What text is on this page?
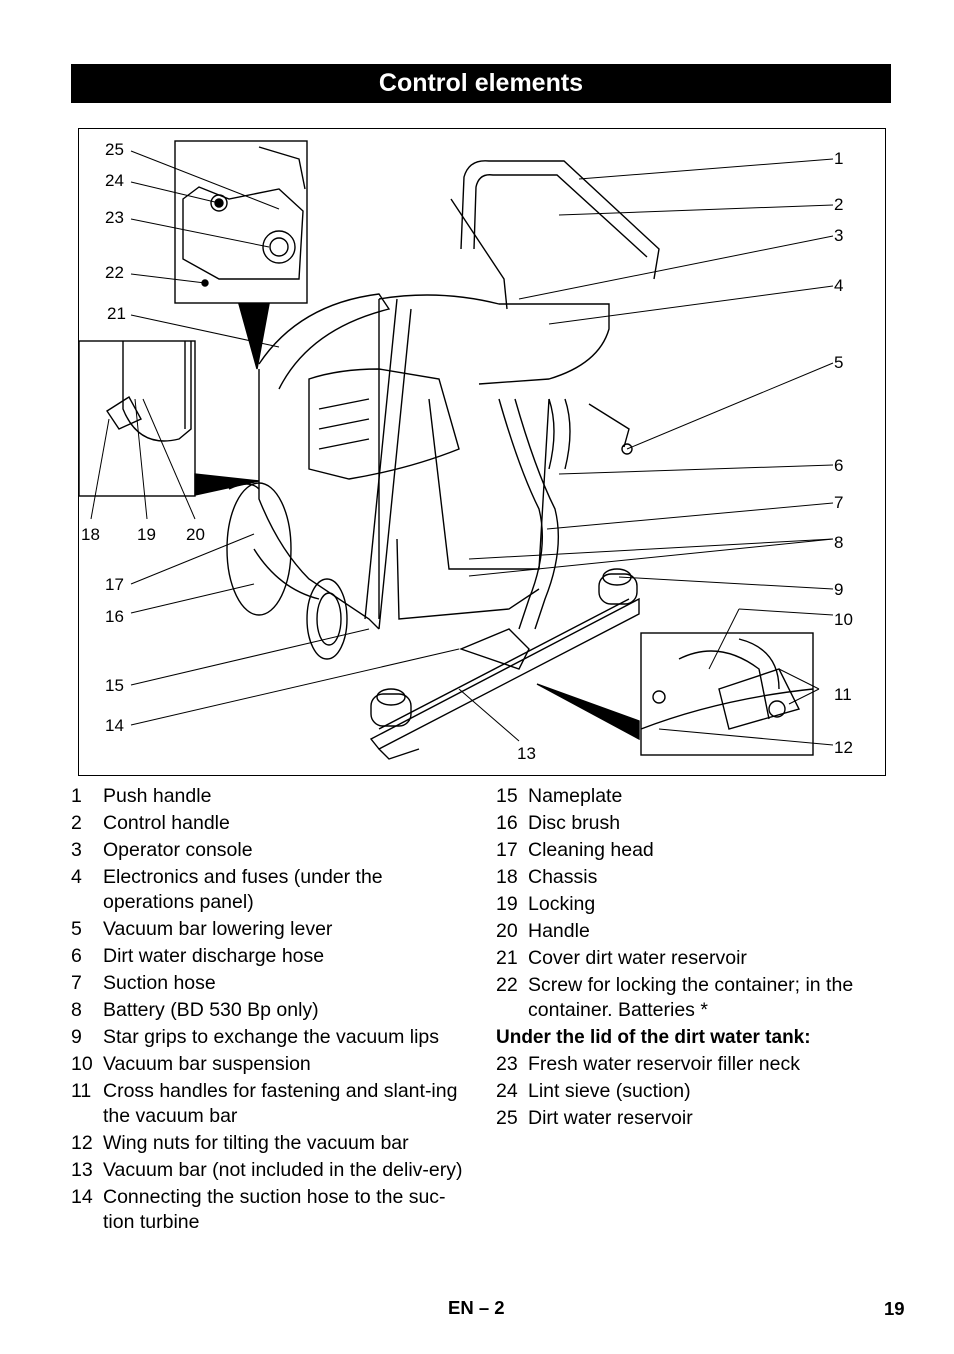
Control elements
25
24
23
22
21
1
2
3
4
5
6
7
8
9
10
11
12
13
14
15
16
17
18 19 20
1	Push handle
2	Control handle
3	Operator console
4	Electronics and fuses (under the operations panel)
5	Vacuum bar lowering lever
6	Dirt water discharge hose
7	Suction hose
8	Battery (BD 530 Bp only)
9	Star grips to exchange the vacuum lips
10 Vacuum bar suspension
11 Cross handles for fastening and slant-ing the vacuum bar
12 Wing nuts for tilting the vacuum bar
13 Vacuum bar (not included in the deliv-ery)
14 Connecting the suction hose to the suc-tion turbine
15 Nameplate
16 Disc brush
17 Cleaning head
18 Chassis
19 Locking
20 Handle
21 Cover dirt water reservoir
22 Screw for locking the container; in the container. Batteries *
Under the lid of the dirt water tank:
23 Fresh water reservoir filler neck
24 Lint sieve (suction)
25 Dirt water reservoir
EN – 2	19
